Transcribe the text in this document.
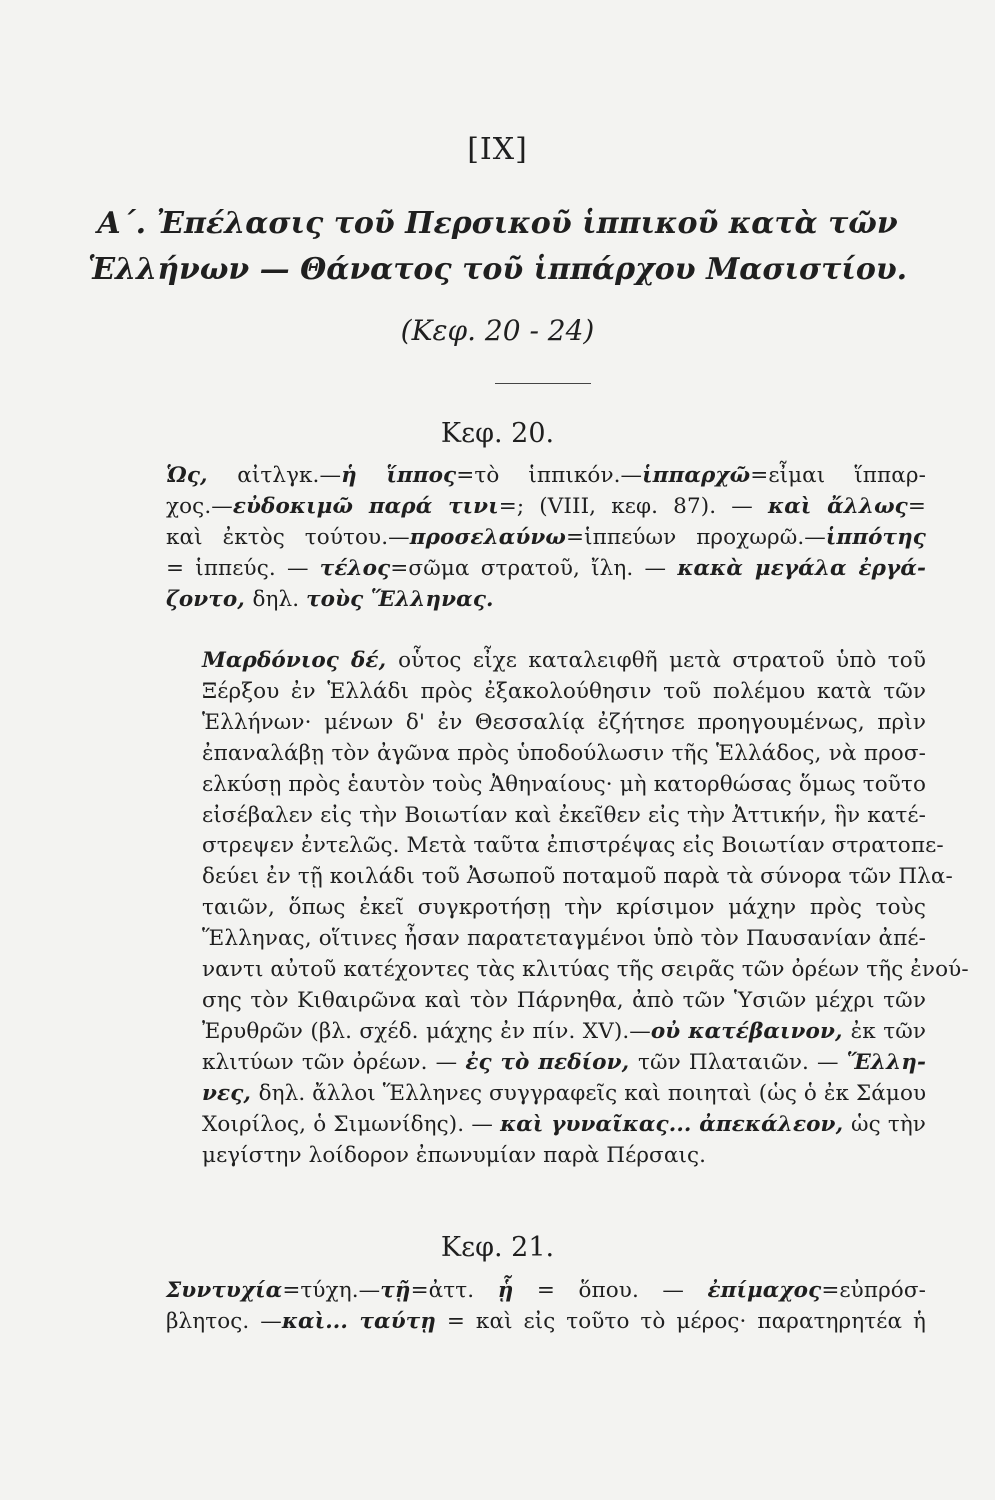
[IX]
Α΄. Ἐπέλασις τοῦ Περσικοῦ ἱππικοῦ κατὰ τῶν
Ἑλλήνων — Θάνατος τοῦ ἱππάρχου Μασιστίου.
(Κεφ. 20 - 24)
Κεφ. 20.
Ὡς, αἰτλγκ.—ἡ ἵππος=τὸ ἱππικόν.—ἱππαρχῶ=εἶμαι ἵππαρ-
χος.—εὐδοκιμῶ παρά τινι=; (VIII, κεφ. 87). — καὶ ἄλλως=
καὶ ἐκτὸς τούτου.—προσελαύνω=ἱππεύων προχωρῶ.—ἱππότης
= ἱππεύς. — τέλος=σῶμα στρατοῦ, ἴλη. — κακὰ μεγάλα ἐργά-
ζοντο, δηλ. τοὺς Ἕλληνας.
Μαρδόνιος δέ, οὗτος εἶχε καταλειφθῆ μετὰ στρατοῦ ὑπὸ τοῦ
Ξέρξου ἐν Ἑλλάδι πρὸς ἐξακολούθησιν τοῦ πολέμου κατὰ τῶν
Ἑλλήνων· μένων δ' ἐν Θεσσαλίᾳ ἐζήτησε προηγουμένως, πρὶν
ἐπαναλάβῃ τὸν ἀγῶνα πρὸς ὑποδούλωσιν τῆς Ἑλλάδος, νὰ προσ-
ελκύσῃ πρὸς ἑαυτὸν τοὺς Ἀθηναίους· μὴ κατορθώσας ὅμως τοῦτο
εἰσέβαλεν εἰς τὴν Βοιωτίαν καὶ ἐκεῖθεν εἰς τὴν Ἀττικήν, ἣν κατέ-
στρεψεν ἐντελῶς. Μετὰ ταῦτα ἐπιστρέψας εἰς Βοιωτίαν στρατοπε-
δεύει ἐν τῇ κοιλάδι τοῦ Ἀσωποῦ ποταμοῦ παρὰ τὰ σύνορα τῶν Πλα-
ταιῶν, ὅπως ἐκεῖ συγκροτήσῃ τὴν κρίσιμον μάχην πρὸς τοὺς
Ἕλληνας, οἵτινες ἦσαν παρατεταγμένοι ὑπὸ τὸν Παυσανίαν ἀπέ-
ναντι αὐτοῦ κατέχοντες τὰς κλιτύας τῆς σειρᾶς τῶν ὀρέων τῆς ἐνού-
σης τὸν Κιθαιρῶνα καὶ τὸν Πάρνηθα, ἀπὸ τῶν Ὑσιῶν μέχρι τῶν
Ἐρυθρῶν (βλ. σχέδ. μάχης ἐν πίν. XV).—οὐ κατέβαινον, ἐκ τῶν
κλιτύων τῶν ὀρέων. — ἐς τὸ πεδίον, τῶν Πλαταιῶν. — Ἕλλη-
νες, δηλ. ἄλλοι Ἕλληνες συγγραφεῖς καὶ ποιηταὶ (ὡς ὁ ἐκ Σάμου
Χοιρίλος, ὁ Σιμωνίδης). — καὶ γυναῖκας... ἀπεκάλεον, ὡς τὴν
μεγίστην λοίδορον ἐπωνυμίαν παρὰ Πέρσαις.
Κεφ. 21.
Συντυχία=τύχη.—τῇ=ἀττ. ᾗ = ὅπου. — ἐπίμαχος=εὐπρόσ-
βλητος. —καὶ... ταύτῃ = καὶ εἰς τοῦτο τὸ μέρος· παρατηρητέα ἡ
